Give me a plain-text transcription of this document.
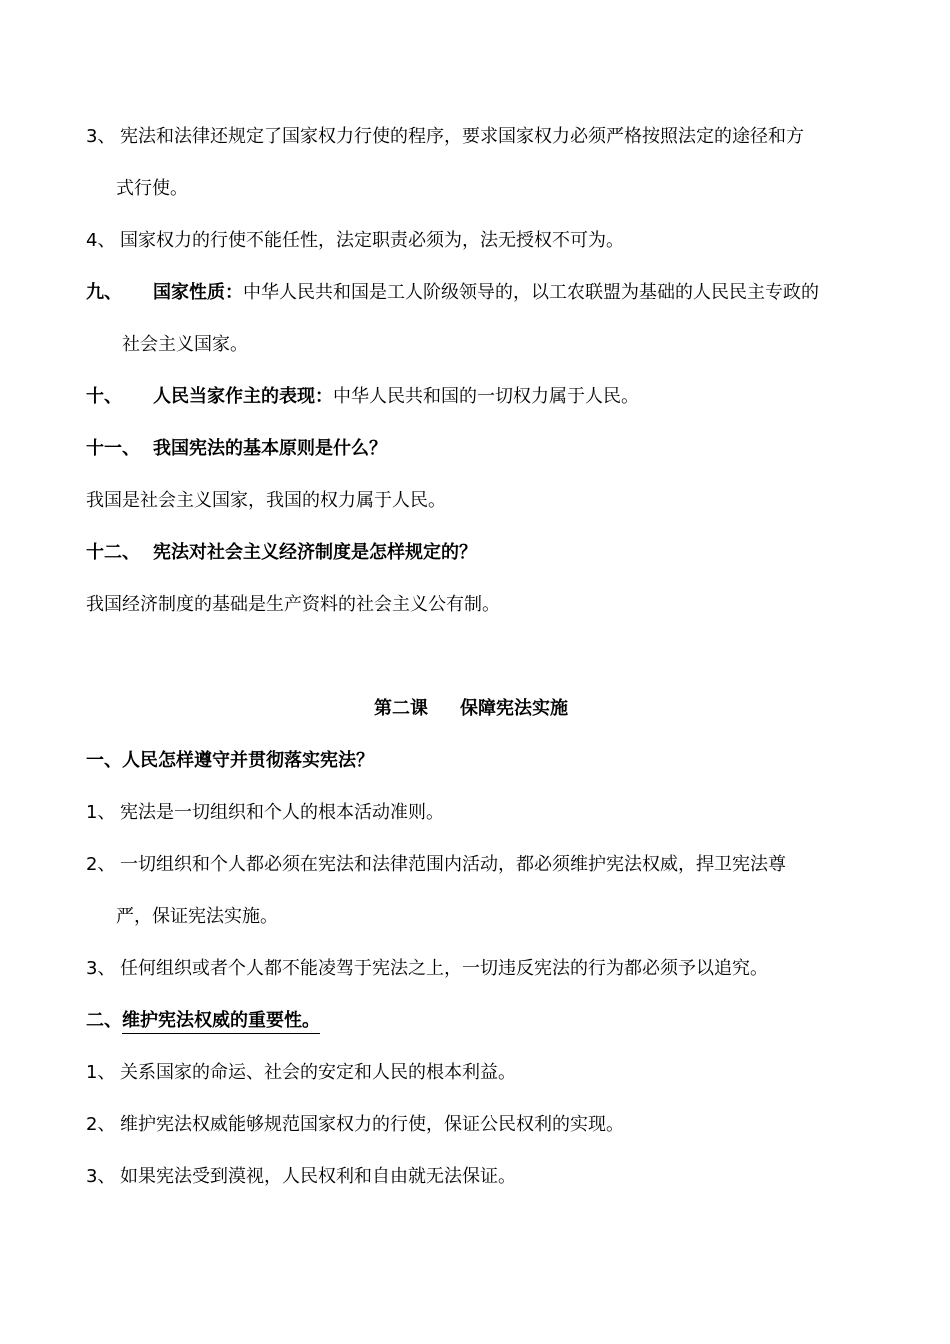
3、 宪法和法律还规定了国家权力行使的程序，要求国家权力必须严格按照法定的途径和方
式行使。
4、 国家权力的行使不能任性，法定职责必须为，法无授权不可为。
九、 国家性质：中华人民共和国是工人阶级领导的，以工农联盟为基础的人民民主专政的
社会主义国家。
十、 人民当家作主的表现：中华人民共和国的一切权力属于人民。
十一、 我国宪法的基本原则是什么？
我国是社会主义国家，我国的权力属于人民。
十二、 宪法对社会主义经济制度是怎样规定的？
我国经济制度的基础是生产资料的社会主义公有制。
第二课 保障宪法实施
一、人民怎样遵守并贯彻落实宪法？
1、 宪法是一切组织和个人的根本活动准则。
2、 一切组织和个人都必须在宪法和法律范围内活动，都必须维护宪法权威，捍卫宪法尊
严，保证宪法实施。
3、 任何组织或者个人都不能凌驾于宪法之上，一切违反宪法的行为都必须予以追究。
二、维护宪法权威的重要性。
1、 关系国家的命运、社会的安定和人民的根本利益。
2、 维护宪法权威能够规范国家权力的行使，保证公民权利的实现。
3、 如果宪法受到漠视，人民权利和自由就无法保证。
